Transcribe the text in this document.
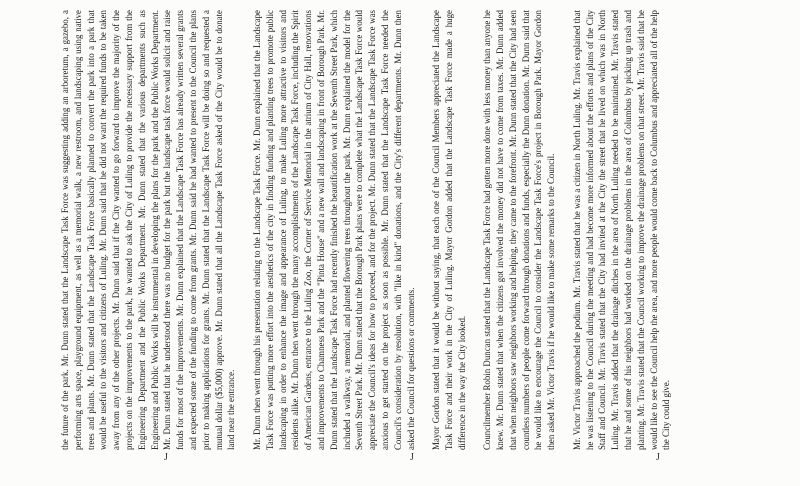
the future of the park. Mr. Dunn stated that the Landscape Task Force was suggesting adding an arboretum, a gazebo, a performing arts space, playground equipment, as well as a memorial walk, a new restroom, and landscaping using native trees and plants. Mr. Dunn stated that the Landscape Task Force basically planned to convert the park into a park that would be useful to the visitors and citizens of Luling. Mr. Dunn said that he did not want the required funds to be taken away from any of the other projects. Mr. Dunn said that if the City wanted to go forward to improve the majority of the projects on the improvements to the park, he wanted to ask the City of Luling to provide the necessary support from the Engineering Department and the Public Works Department. Mr. Dunn stated that the various departments such as Engineering and Public Works will be instrumental in developing the plans for the park and the Public Works Department. Mr. Dunn stated that he understood there was no budget for the park but the landscape task force would solicit and raise funds for most of the improvements. Mr. Dunn explained that the Landscape Task Force has already written several grants and expected some of the funding to come from grants. Mr. Dunn said he had wanted to present to the Council the plans prior to making applications for grants. Mr. Dunn stated that the Landscape Task Force will be doing so and requested a mutual dollar ($5,000) approve. Mr. Dunn stated that all the Landscape Task Force asked of the City would be to donate land near the entrance. Mr. Dunn then went through his presentation relating to the Landscape Task Force. Mr. Dunn explained that the Landscape Task Force was putting more effort into the aesthetics of the city in finding funding and planting trees to promote public landscaping in order to enhance the image and appearance of Luling, to make Luling more attractive to visitors and residents alike. Mr. Dunn then went through the many accomplishments of the Landscape Task Force, including the Spirit of American Gardens, entrance to the Luling Zoo, the Corner of Service Memorial in the atrium of City Hall, renovations and improvements to Chamness Park and the "Pinta House" and a new wall and landscaping in front of Borough Park. Mr. Dunn stated that the Landscape Task Force had recently finished the beautification work at the Seventh Street Park, which included a walkway, a memorial, and planted flowering trees throughout the park. Mr. Dunn explained the model for the Seventh Street Park. Mr. Dunn stated that the Borough Park plans were to complete what the Landscape Task Force would appreciate the Council's ideas for how to proceed, and for the project. Mr. Dunn stated that the Landscape Task Force was anxious to get started on the project as soon as possible. Mr. Dunn stated that the Landscape Task Force needed the Council's consideration by resolution, with "like in kind" donations, and the City's different departments. Mr. Dunn then asked the Council for questions or comments. Mayor Gordon stated that it would be without saying, that each one of the Council Members appreciated the Landscape Task Force and their work in the City of Luling. Mayor Gordon added that the Landscape Task Force made a huge difference in the way the City looked. Councilmember Robin Duncan stated that the Landscape Task Force had gotten more done with less money than anyone he knew. Mr. Dunn stated that when the citizens got involved the money did not have to come from taxes. Mr. Dunn added that when neighbors saw neighbors working and helping, they came to the forefront. Mr. Dunn stated that the City had seen countless numbers of people come forward through donations and funds, especially the Dunn donation. Mr. Dunn said that he would like to encourage the Council to consider the Landscape Task Force's project in Borough Park. Mayor Gordon then asked Mr. Victor Travis if he would like to make some remarks to the Council. Mr. Victor Travis approached the podium. Mr. Travis stated that he was a citizen in North Luling. Mr. Travis explained that he was listening to the Council during the meeting and had become more informed about the efforts and plans of the City Staff and Council. Mr. Travis stated that the City had invited at the City the street that he lived on which was in North Luling. Mr. Travis added that the drainage ditches in the area of North Luling needed to be maintained. Mr. Travis stated that he and some of his neighbors had worked on the drainage problems in the area of Columbus by picking up trash and planting. Mr. Travis stated that the Council working to improve the drainage problems on that street. Mr. Travis said that he would like to see the Council help the area, and more people would come back to Columbus and appreciated all of the help the City could give.

J	J	J
